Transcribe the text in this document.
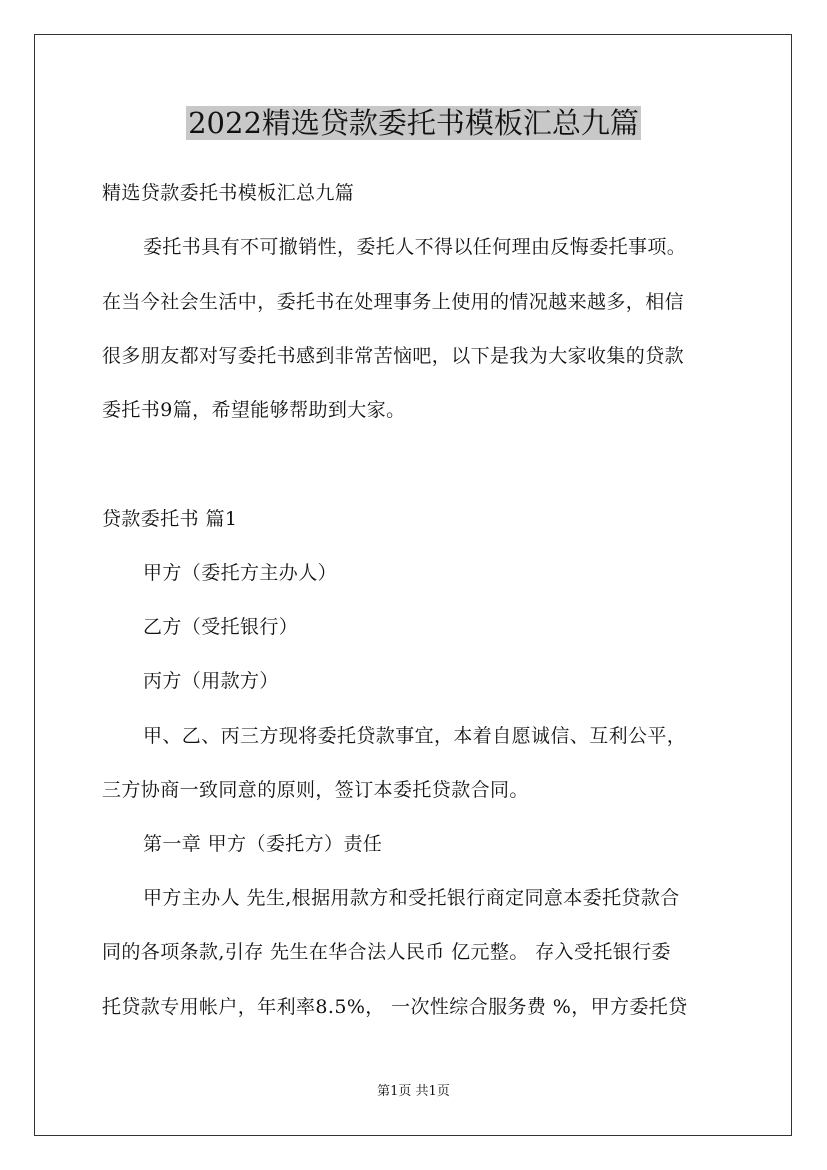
2022精选贷款委托书模板汇总九篇
精选贷款委托书模板汇总九篇
委托书具有不可撤销性，委托人不得以任何理由反悔委托事项。
在当今社会生活中，委托书在处理事务上使用的情况越来越多，相信
很多朋友都对写委托书感到非常苦恼吧，以下是我为大家收集的贷款
委托书9篇，希望能够帮助到大家。
贷款委托书 篇1
甲方（委托方主办人）
乙方（受托银行）
丙方（用款方）
甲、乙、丙三方现将委托贷款事宜，本着自愿诚信、互利公平，
三方协商一致同意的原则，签订本委托贷款合同。
第一章 甲方（委托方）责任
甲方主办人 先生,根据用款方和受托银行商定同意本委托贷款合
同的各项条款,引存 先生在华合法人民币 亿元整。 存入受托银行委
托贷款专用帐户，年利率8.5%， 一次性综合服务费 %，甲方委托贷
第1页 共1页
